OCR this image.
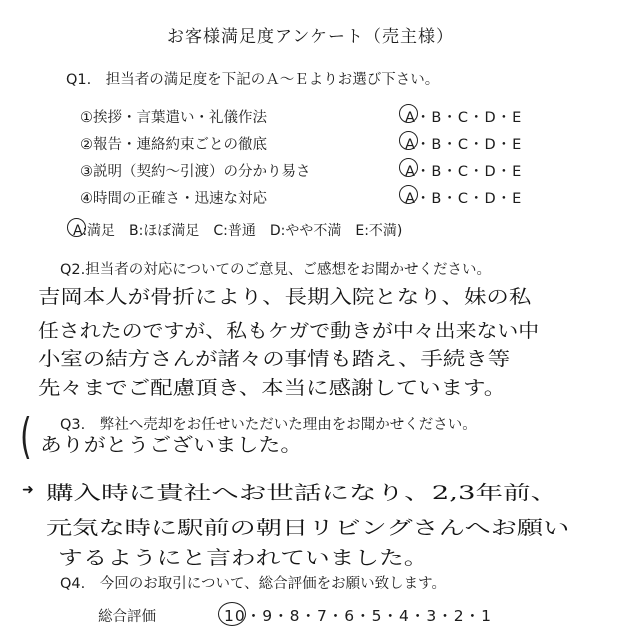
お客様満足度アンケート（売主様）
Q1.　担当者の満足度を下記のＡ～Ｅよりお選び下さい。
①挨拶・言葉遣い・礼儀作法	A・B・C・D・E
②報告・連絡約束ごとの徹底	A・B・C・D・E
③説明（契約～引渡）の分かり易さ	A・B・C・D・E
④時間の正確さ・迅速な対応	A・B・C・D・E
A:満足　B:ほぼ満足　C:普通　D:やや不満　E:不満)
Q2.担当者の対応についてのご意見、ご感想をお聞かせください。
吉岡本人が骨折により、長期入院となり、妹の私
任されたのですが、私もケガで動きが中々出来ない中
小室の結方さんが諸々の事情も踏え、手続き等
先々までご配慮頂き、本当に感謝しています。
Q3.　弊社へ売却をお任せいただいた理由をお聞かせください。
( ありがとうございました。
➜ 購入時に貴社へお世話になり、2,3年前、
元気な時に駅前の朝日リビングさんへお願い
するようにと言われていました。
Q4.　今回のお取引について、総合評価をお願い致します。
総合評価	10・9・8・7・6・5・4・3・2・1
